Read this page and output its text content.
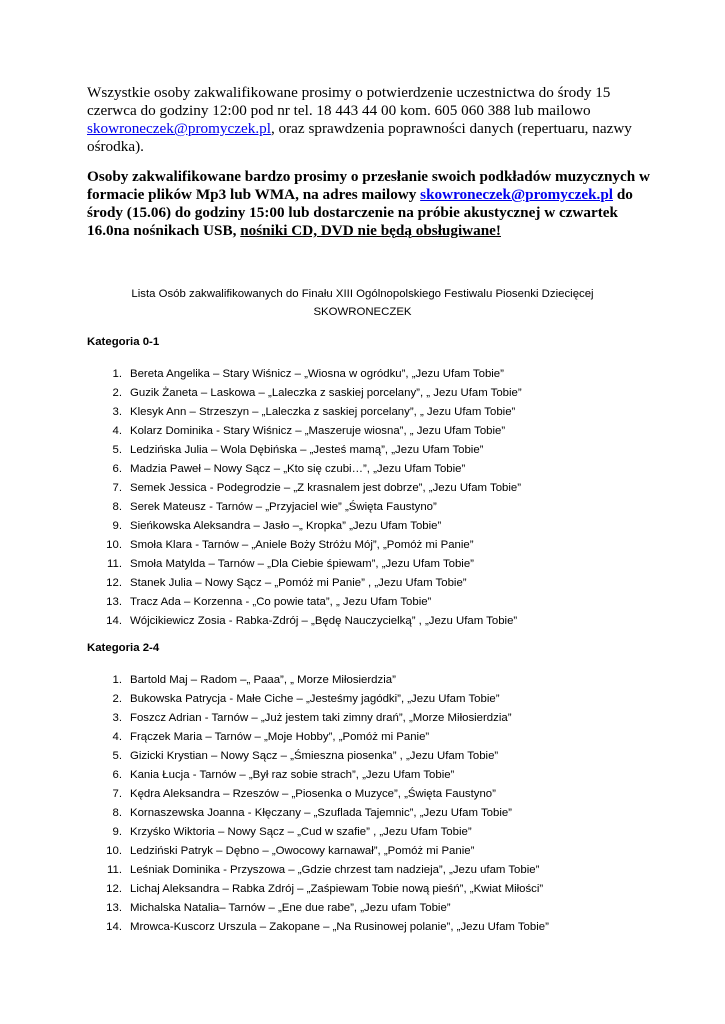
Wszystkie osoby zakwalifikowane prosimy o potwierdzenie uczestnictwa do środy 15 czerwca do godziny 12:00 pod nr tel. 18 443 44 00 kom. 605 060 388 lub mailowo skowroneczek@promyczek.pl, oraz sprawdzenia poprawności danych (repertuaru, nazwy ośrodka).

Osoby zakwalifikowane bardzo prosimy o przesłanie swoich podkładów muzycznych w formacie plików Mp3 lub WMA, na adres mailowy skowroneczek@promyczek.pl do środy (15.06) do godziny 15:00 lub dostarczenie na próbie akustycznej w czwartek 16.0na nośnikach USB, nośniki CD, DVD nie będą obsługiwane!

Lista Osób zakwalifikowanych do Finału XIII Ogólnopolskiego Festiwalu Piosenki Dziecięcej
SKOWRONECZEK
Kategoria 0-1
1. Bereta Angelika – Stary Wiśnicz – „Wiosna w ogródku”, „Jezu Ufam Tobie”
2. Guzik Żaneta – Laskowa – „Laleczka z saskiej porcelany”, „ Jezu Ufam Tobie”
3. Klesyk Ann – Strzeszyn – „Laleczka z saskiej porcelany”, „ Jezu Ufam Tobie”
4. Kolarz Dominika - Stary Wiśnicz – „Maszeruje wiosna”, „ Jezu Ufam Tobie”
5. Ledzińska Julia – Wola Dębińska – „Jesteś mamą”, „Jezu Ufam Tobie”
6. Madzia Paweł – Nowy Sącz – „Kto się czubi…”, „Jezu Ufam Tobie”
7. Semek Jessica - Podegrodzie – „Z krasnalem jest dobrze”, „Jezu Ufam Tobie”
8. Serek Mateusz - Tarnów – „Przyjaciel wie” „Święta Faustyno”
9. Sieńkowska Aleksandra – Jasło –„ Kropka” „Jezu Ufam Tobie”
10. Smoła Klara - Tarnów – „Aniele Boży Stróżu Mój”, „Pomóż mi Panie”
11. Smoła Matylda – Tarnów – „Dla Ciebie śpiewam”, „Jezu Ufam Tobie”
12. Stanek Julia – Nowy Sącz – „Pomóż mi Panie” , „Jezu Ufam Tobie”
13. Tracz Ada – Korzenna - „Co powie tata”, „ Jezu Ufam Tobie”
14. Wójcikiewicz Zosia - Rabka-Zdrój – „Będę Nauczycielką” , „Jezu Ufam Tobie”
Kategoria 2-4
1. Bartold Maj – Radom –„ Paaa”, „ Morze Miłosierdzia”
2. Bukowska Patrycja - Małe Ciche – „Jesteśmy jagódki”, „Jezu Ufam Tobie”
3. Foszcz Adrian - Tarnów – „Już jestem taki zimny drań”, „Morze Miłosierdzia”
4. Frączek Maria – Tarnów – „Moje Hobby”, „Pomóż mi Panie”
5. Gizicki Krystian – Nowy Sącz – „Śmieszna piosenka” , „Jezu Ufam Tobie”
6. Kania Łucja - Tarnów – „Był raz sobie strach”, „Jezu Ufam Tobie”
7. Kędra Aleksandra – Rzeszów – „Piosenka o Muzyce”, „Święta Faustyno”
8. Kornaszewska Joanna - Kłęczany – „Szuflada Tajemnic”, „Jezu Ufam Tobie”
9. Krzyśko Wiktoria – Nowy Sącz – „Cud w szafie” , „Jezu Ufam Tobie”
10. Ledziński Patryk – Dębno – „Owocowy karnawał”, „Pomóż mi Panie”
11. Leśniak Dominika - Przyszowa – „Gdzie chrzest tam nadzieja”, „Jezu ufam Tobie”
12. Lichaj Aleksandra – Rabka Zdrój – „Zaśpiewam Tobie nową pieśń”, „Kwiat Miłości”
13. Michalska Natalia– Tarnów – „Ene due rabe”, „Jezu ufam Tobie”
14. Mrowca-Kuscorz Urszula – Zakopane – „Na Rusinowej polanie”, „Jezu Ufam Tobie”
